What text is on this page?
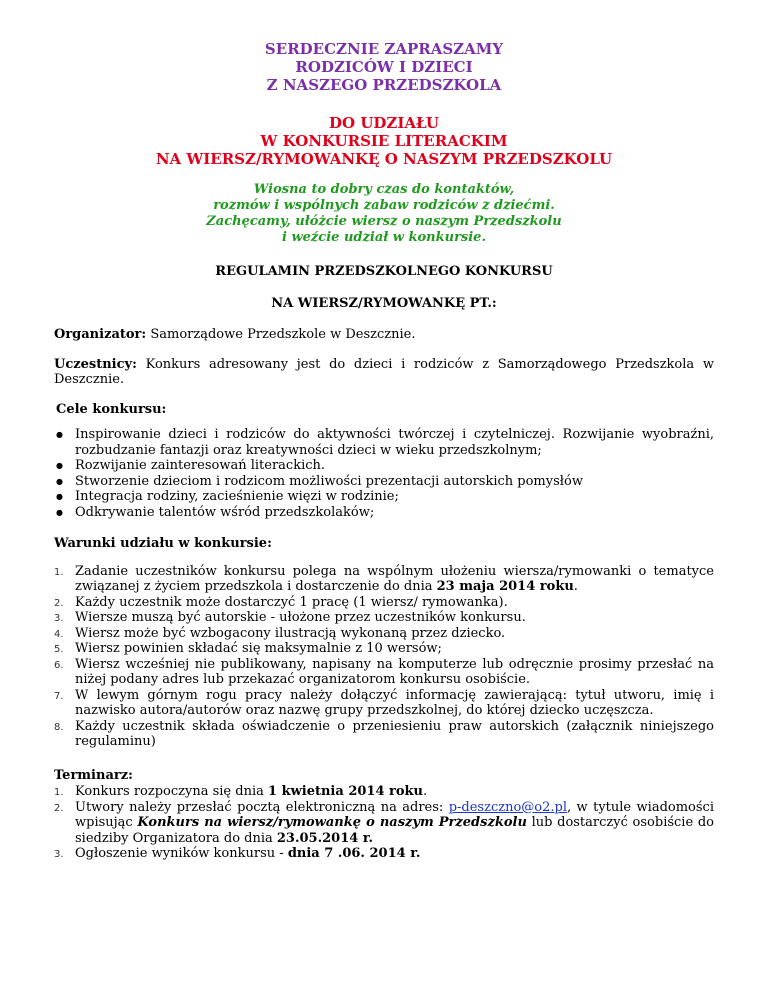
SERDECZNIE ZAPRASZAMY
RODZICÓW I DZIECI
Z NASZEGO PRZEDSZKOLA
DO UDZIAŁU
W KONKURSIE LITERACKIM
NA WIERSZ/RYMOWANKĘ O NASZYM PRZEDSZKOLU
Wiosna to dobry czas do kontaktów,
rozmów i wspólnych zabaw rodziców z dziećmi.
Zachęcamy, ułóżcie wiersz o naszym Przedszkolu
i weźcie udział w konkursie.
REGULAMIN PRZEDSZKOLNEGO KONKURSU
NA WIERSZ/RYMOWANKĘ PT.:

Organizator: Samorządowe Przedszkole w Deszcznie.

Uczestnicy: Konkurs adresowany jest do dzieci i rodziców z Samorządowego Przedszkola w Deszcznie.

Cele konkursu:

● Inspirowanie dzieci i rodziców do aktywności twórczej i czytelniczej. Rozwijanie wyobraźni, rozbudzanie fantazji oraz kreatywności dzieci w wieku przedszkolnym;
● Rozwijanie zainteresowań literackich.
● Stworzenie dzieciom i rodzicom możliwości prezentacji autorskich pomysłów
● Integracja rodziny, zacieśnienie więzi w rodzinie;
● Odkrywanie talentów wśród przedszkolaków;

Warunki udziału w konkursie:

1. Zadanie uczestników konkursu polega na wspólnym ułożeniu wiersza/rymowanki o tematyce związanej z życiem przedszkola i dostarczenie do dnia 23 maja 2014 roku.
2. Każdy uczestnik może dostarczyć 1 pracę (1 wiersz/ rymowanka).
3. Wiersze muszą być autorskie - ułożone przez uczestników konkursu.
4. Wiersz może być wzbogacony ilustracją wykonaną przez dziecko.
5. Wiersz powinien składać się maksymalnie z 10 wersów;
6. Wiersz wcześniej nie publikowany, napisany na komputerze lub odręcznie prosimy przesłać na niżej podany adres lub przekazać organizatorom konkursu osobiście.
7. W lewym górnym rogu pracy należy dołączyć informację zawierającą: tytuł utworu, imię i nazwisko autora/autorów oraz nazwę grupy przedszkolnej, do której dziecko uczęszcza.
8. Każdy uczestnik składa oświadczenie o przeniesieniu praw autorskich (załącznik niniejszego regulaminu)

Terminarz:

1. Konkurs rozpoczyna się dnia 1 kwietnia 2014 roku.
2. Utwory należy przesłać pocztą elektroniczną na adres: p-deszczno@o2.pl, w tytule wiadomości wpisując Konkurs na wiersz/rymowankę o naszym Przedszkolu lub dostarczyć osobiście do siedziby Organizatora do dnia 23.05.2014 r.
3. Ogłoszenie wyników konkursu - dnia 7 .06. 2014 r.
